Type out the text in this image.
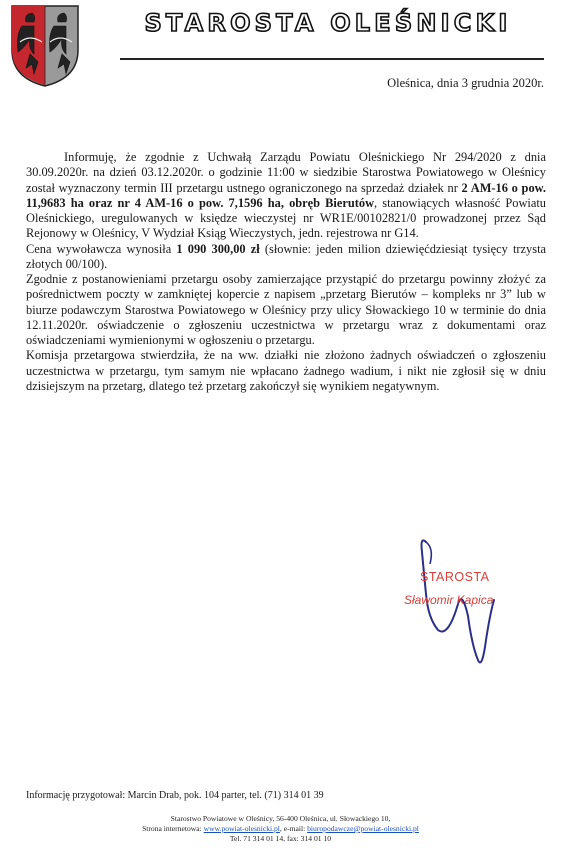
STAROSTA OLEŚNICKI
Oleśnica, dnia 3 grudnia 2020r.

Informuję, że zgodnie z Uchwałą Zarządu Powiatu Oleśnickiego Nr 294/2020 z dnia 30.09.2020r. na dzień 03.12.2020r. o godzinie 11:00 w siedzibie Starostwa Powiatowego w Oleśnicy został wyznaczony termin III przetargu ustnego ograniczonego na sprzedaż działek nr 2 AM-16 o pow. 11,9683 ha oraz nr 4 AM-16 o pow. 7,1596 ha, obręb Bierutów, stanowiących własność Powiatu Oleśnickiego, uregulowanych w księdze wieczystej nr WR1E/00102821/0 prowadzonej przez Sąd Rejonowy w Oleśnicy, V Wydział Ksiąg Wieczystych, jedn. rejestrowa nr G14.

Cena wywoławcza wynosiła 1 090 300,00 zł (słownie: jeden milion dziewięćdziesiąt tysięcy trzysta złotych 00/100).

Zgodnie z postanowieniami przetargu osoby zamierzające przystąpić do przetargu powinny złożyć za pośrednictwem poczty w zamkniętej kopercie z napisem „przetarg Bierutów – kompleks nr 3” lub w biurze podawczym Starostwa Powiatowego w Oleśnicy przy ulicy Słowackiego 10 w terminie do dnia 12.11.2020r. oświadczenie o zgłoszeniu uczestnictwa w przetargu wraz z dokumentami oraz oświadczeniami wymienionymi w ogłoszeniu o przetargu.

Komisja przetargowa stwierdziła, że na ww. działki nie złożono żadnych oświadczeń o zgłoszeniu uczestnictwa w przetargu, tym samym nie wpłacano żadnego wadium, i nikt nie zgłosił się w dniu dzisiejszym na przetarg, dlatego też przetarg zakończył się wynikiem negatywnym.

STAROSTA
Sławomir Kapica
Informację przygotował: Marcin Drab, pok. 104 parter, tel. (71) 314 01 39
Starostwo Powiatowe w Oleśnicy, 56-400 Oleśnica, ul. Słowackiego 10,
Strona internetowa: www.powiat-olesnicki.pl, e-mail: biuropodawcze@powiat-olesnicki.pl
Tel. 71 314 01 14, fax: 314 01 10
